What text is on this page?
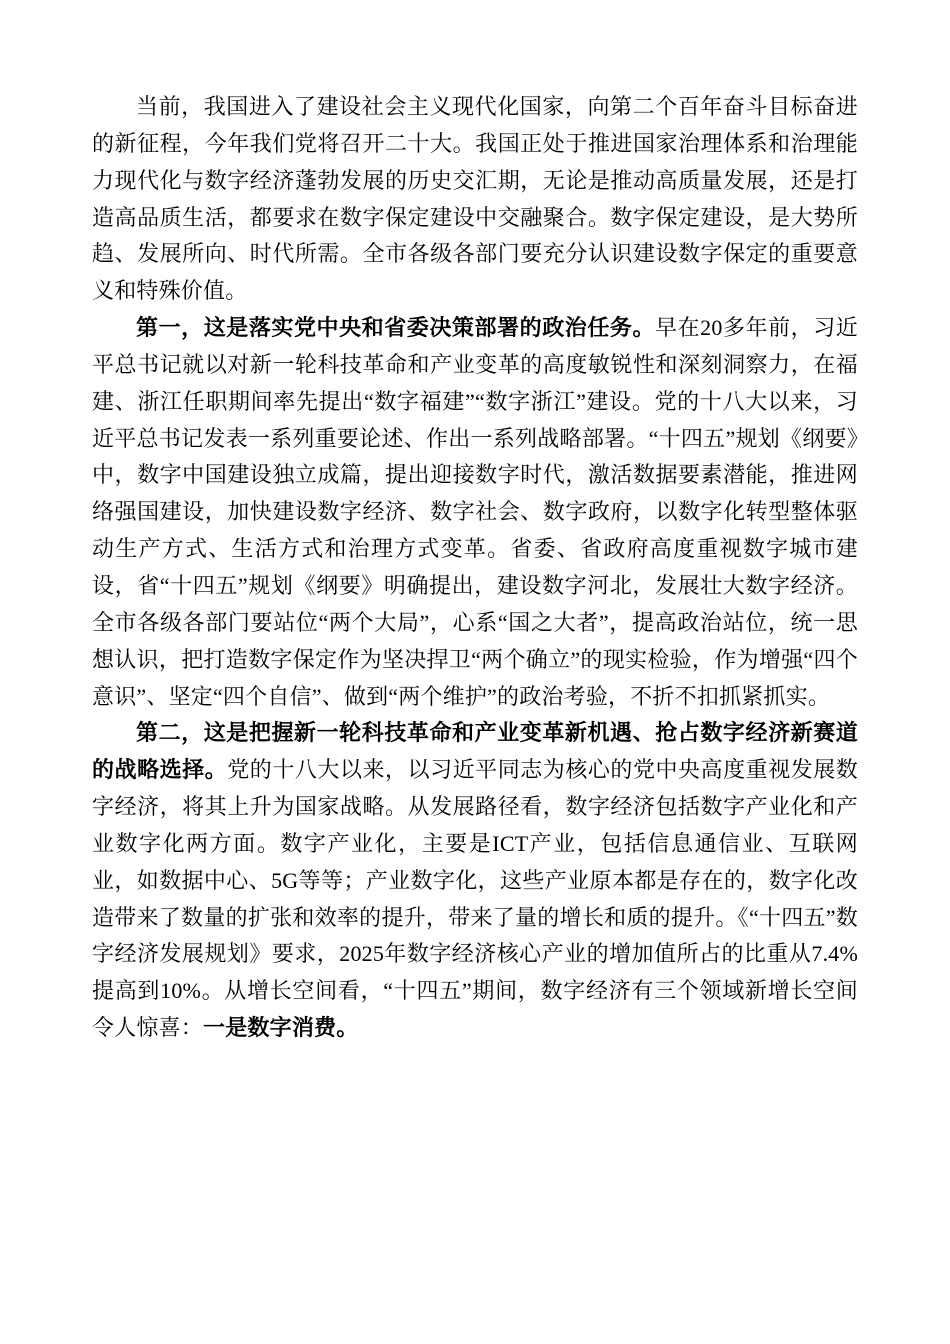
当前，我国进入了建设社会主义现代化国家，向第二个百年奋斗目标奋进的新征程，今年我们党将召开二十大。我国正处于推进国家治理体系和治理能力现代化与数字经济蓬勃发展的历史交汇期，无论是推动高质量发展，还是打造高品质生活，都要求在数字保定建设中交融聚合。数字保定建设，是大势所趋、发展所向、时代所需。全市各级各部门要充分认识建设数字保定的重要意义和特殊价值。

第一，这是落实党中央和省委决策部署的政治任务。早在20多年前，习近平总书记就以对新一轮科技革命和产业变革的高度敏锐性和深刻洞察力，在福建、浙江任职期间率先提出“数字福建”“数字浙江”建设。党的十八大以来，习近平总书记发表一系列重要论述、作出一系列战略部署。“十四五”规划《纲要》中，数字中国建设独立成篇，提出迎接数字时代，激活数据要素潜能，推进网络强国建设，加快建设数字经济、数字社会、数字政府，以数字化转型整体驱动生产方式、生活方式和治理方式变革。省委、省政府高度重视数字城市建设，省“十四五”规划《纲要》明确提出，建设数字河北，发展壮大数字经济。全市各级各部门要站位“两个大局”，心系“国之大者”，提高政治站位，统一思想认识，把打造数字保定作为坚决捍卫“两个确立”的现实检验，作为增强“四个意识”、坚定“四个自信”、做到“两个维护”的政治考验，不折不扣抓紧抓实。

第二，这是把握新一轮科技革命和产业变革新机遇、抢占数字经济新赛道的战略选择。党的十八大以来，以习近平同志为核心的党中央高度重视发展数字经济，将其上升为国家战略。从发展路径看，数字经济包括数字产业化和产业数字化两方面。数字产业化，主要是ICT产业，包括信息通信业、互联网业，如数据中心、5G等等；产业数字化，这些产业原本都是存在的，数字化改造带来了数量的扩张和效率的提升，带来了量的增长和质的提升。《“十四五”数字经济发展规划》要求，2025年数字经济核心产业的增加值所占的比重从7.4%提高到10%。从增长空间看，“十四五”期间，数字经济有三个领域新增长空间令人惊喜：一是数字消费。
